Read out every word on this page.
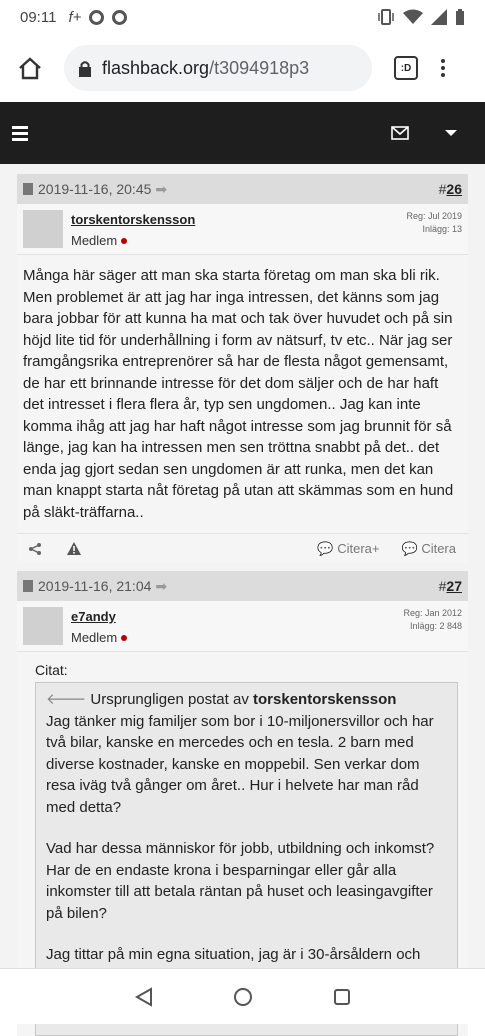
09:11 f+
flashback.org /t3094918p3	:D
2019-11-16, 20:45 ➡	#26
torskentorskensson
Medlem
Reg: Jul 2019
Inlägg: 13
Många här säger att man ska starta företag om man ska bli rik. Men problemet är att jag har inga intressen, det känns som jag bara jobbar för att kunna ha mat och tak över huvudet och på sin höjd lite tid för underhållning i form av nätsurf, tv etc.. När jag ser framgångsrika entreprenörer så har de flesta något gemensamt, de har ett brinnande intresse för det dom säljer och de har haft det intresset i flera flera år, typ sen ungdomen.. Jag kan inte komma ihåg att jag har haft något intresse som jag brunnit för så länge, jag kan ha intressen men sen tröttna snabbt på det.. det enda jag gjort sedan sen ungdomen är att runka, men det kan man knappt starta nåt företag på utan att skämmas som en hund på släkt-träffarna..
💬 Citera+ 💬 Citera
2019-11-16, 21:04 ➡	#27
e7andy
Medlem
Reg: Jan 2012
Inlägg: 2 848
Citat:
🡐 Ursprungligen postat av torskentorskensson

Jag tänker mig familjer som bor i 10-miljonersvillor och har två bilar, kanske en mercedes och en tesla. 2 barn med diverse kostnader, kanske en moppebil. Sen verkar dom resa iväg två gånger om året.. Hur i helvete har man råd med detta?

Vad har dessa människor för jobb, utbildning och inkomst? Har de en endaste krona i besparningar eller går alla inkomster till att betala räntan på huset och leasingavgifter på bilen?

Jag tittar på min egna situation, jag är i 30-årsåldern och
